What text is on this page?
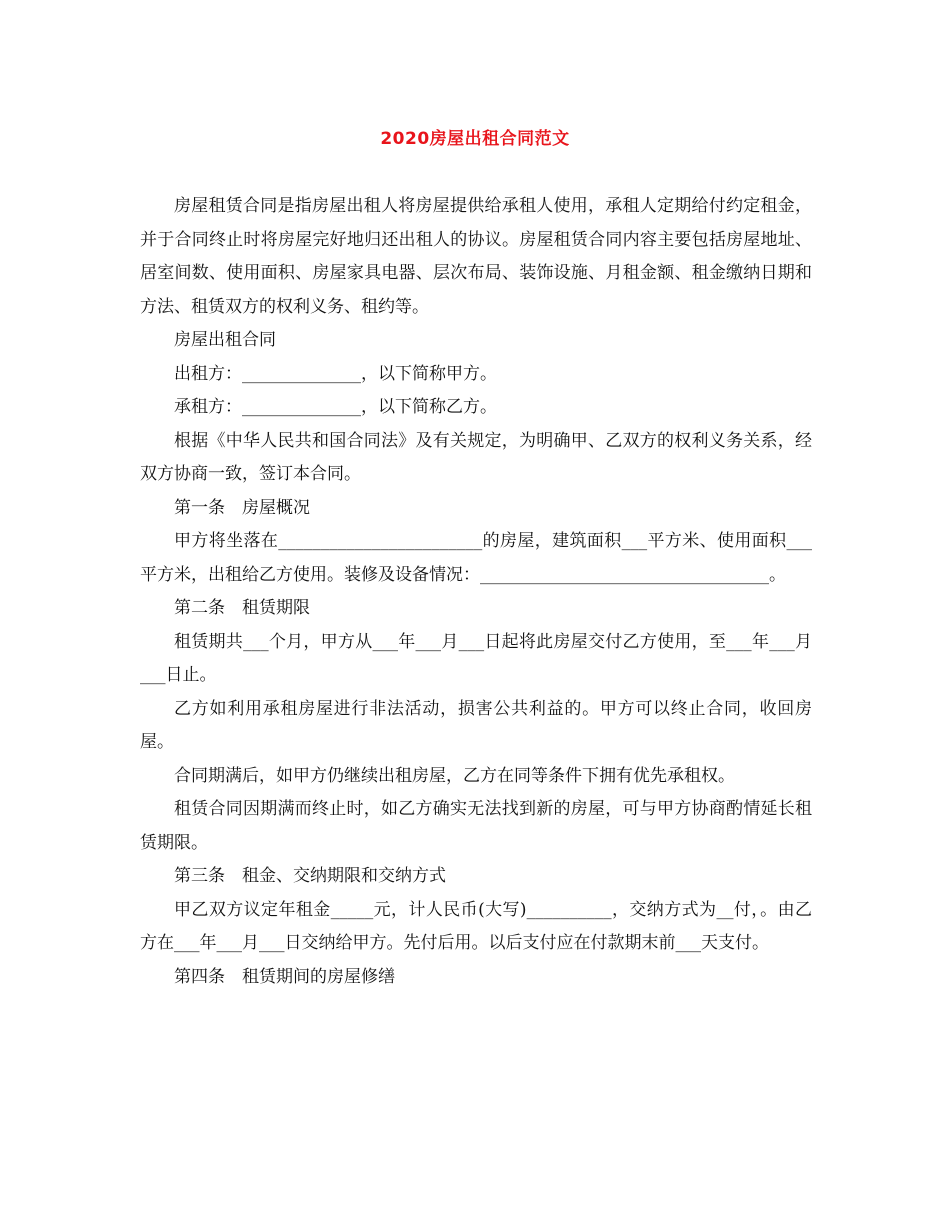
2020房屋出租合同范文

房屋租赁合同是指房屋出租人将房屋提供给承租人使用，承租人定期给付约定租金，并于合同终止时将房屋完好地归还出租人的协议。房屋租赁合同内容主要包括房屋地址、居室间数、使用面积、房屋家具电器、层次布局、装饰设施、月租金额、租金缴纳日期和方法、租赁双方的权利义务、租约等。

房屋出租合同

出租方：______________，以下简称甲方。

承租方：______________，以下简称乙方。

根据《中华人民共和国合同法》及有关规定，为明确甲、乙双方的权利义务关系，经双方协商一致，签订本合同。

第一条　房屋概况

甲方将坐落在________________________的房屋，建筑面积___平方米、使用面积___平方米，出租给乙方使用。装修及设备情况：__________________________________。

第二条　租赁期限

租赁期共___个月，甲方从___年___月___日起将此房屋交付乙方使用，至___年___月___日止。

乙方如利用承租房屋进行非法活动，损害公共利益的。甲方可以终止合同，收回房屋。

合同期满后，如甲方仍继续出租房屋，乙方在同等条件下拥有优先承租权。

租赁合同因期满而终止时，如乙方确实无法找到新的房屋，可与甲方协商酌情延长租赁期限。

第三条　租金、交纳期限和交纳方式

甲乙双方议定年租金_____元，计人民币(大写)__________，交纳方式为__付，。由乙方在___年___月___日交纳给甲方。先付后用。以后支付应在付款期末前___天支付。

第四条　租赁期间的房屋修缮
